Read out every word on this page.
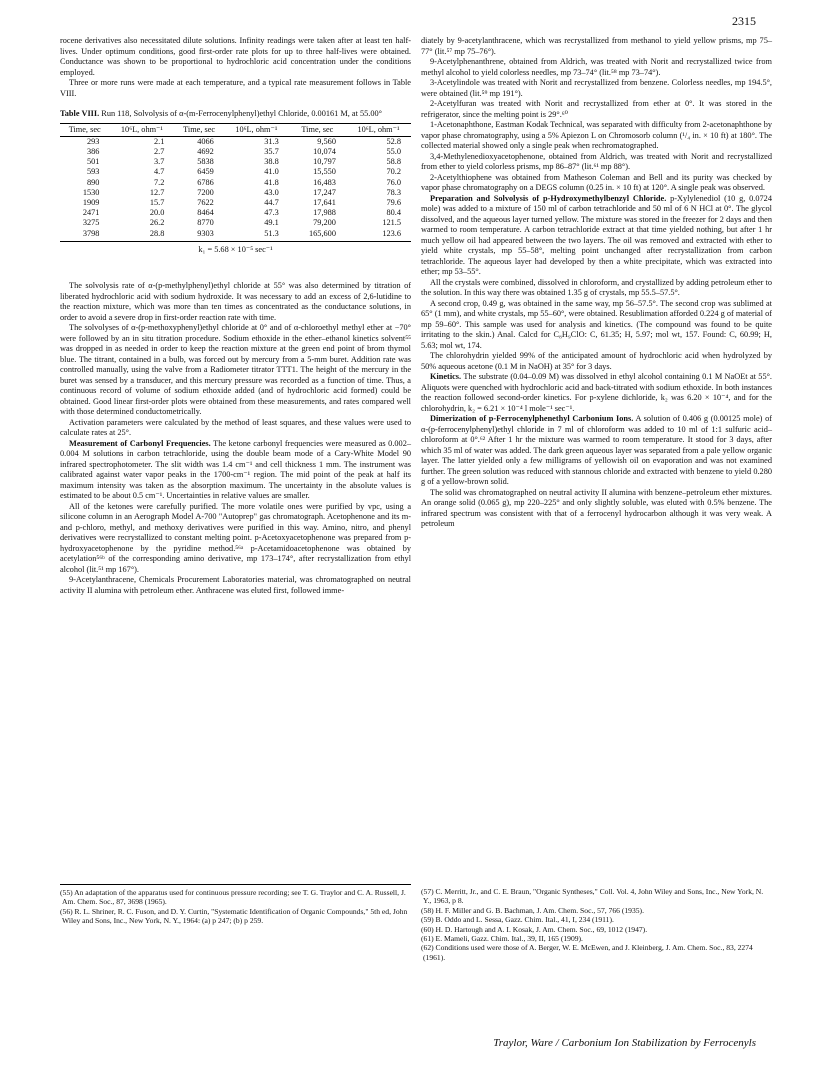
2315

rocene derivatives also necessitated dilute solutions. Infinity readings were taken after at least ten half-lives. Under optimum conditions, good first-order rate plots for up to three half-lives were obtained. Conductance was shown to be proportional to hydrochloric acid concentration under the conditions employed.

Three or more runs were made at each temperature, and a typical rate measurement follows in Table VIII.

Table VIII. Run 118, Solvolysis of α-(m-Ferrocenylphenyl)ethyl Chloride, 0.00161 M, at 55.00°
Time, sec	10⁶L, ohm⁻¹	Time, sec	10⁶L, ohm⁻¹	Time, sec	10⁶L, ohm⁻¹
293	2.1	4066	31.3	9,560	52.8
386	2.7	4692	35.7	10,074	55.0
501	3.7	5838	38.8	10,797	58.8
593	4.7	6459	41.0	15,550	70.2
890	7.2	6786	41.8	16,483	76.0
1530	12.7	7200	43.0	17,247	78.3
1909	15.7	7622	44.7	17,641	79.6
2471	20.0	8464	47.3	17,988	80.4
3275	26.2	8770	49.1	79,200	121.5
3798	28.8	9303	51.3	165,600	123.6
k₁ = 5.68 × 10⁻⁵ sec⁻¹

The solvolysis rate of α-(p-methylphenyl)ethyl chloride at 55° was also determined by titration of liberated hydrochloric acid with sodium hydroxide. It was necessary to add an excess of 2,6-lutidine to the reaction mixture, which was more than ten times as concentrated as the conductance solutions, in order to avoid a severe drop in first-order reaction rate with time.

The solvolyses of α-(p-methoxyphenyl)ethyl chloride at 0° and of α-chloroethyl methyl ether at −70° were followed by an in situ titration procedure. Sodium ethoxide in the ether–ethanol kinetics solvent⁵⁵ was dropped in as needed in order to keep the reaction mixture at the green end point of brom thymol blue. The titrant, contained in a bulb, was forced out by mercury from a 5-mm buret. Addition rate was controlled manually, using the valve from a Radiometer titrator TTT1. The height of the mercury in the buret was sensed by a transducer, and this mercury pressure was recorded as a function of time. Thus, a continuous record of volume of sodium ethoxide added (and of hydrochloric acid formed) could be obtained. Good linear first-order plots were obtained from these measurements, and rates compared well with those determined conductometrically.

Activation parameters were calculated by the method of least squares, and these values were used to calculate rates at 25°.

Measurement of Carbonyl Frequencies. The ketone carbonyl frequencies were measured as 0.002–0.004 M solutions in carbon tetrachloride, using the double beam mode of a Cary-White Model 90 infrared spectrophotometer. The slit width was 1.4 cm⁻¹ and cell thickness 1 mm. The instrument was calibrated against water vapor peaks in the 1700-cm⁻¹ region. The mid point of the peak at half its maximum intensity was taken as the absorption maximum. The uncertainty in the absolute values is estimated to be about 0.5 cm⁻¹. Uncertainties in relative values are smaller.

All of the ketones were carefully purified. The more volatile ones were purified by vpc, using a silicone column in an Aerograph Model A-700 "Autoprep" gas chromatograph. Acetophenone and its m- and p-chloro, methyl, and methoxy derivatives were purified in this way. Amino, nitro, and phenyl derivatives were recrystallized to constant melting point. p-Acetoxyacetophenone was prepared from p-hydroxyacetophenone by the pyridine method.⁵⁶ᵃ p-Acetamidoacetophenone was obtained by acetylation⁵⁶ᵇ of the corresponding amino derivative, mp 173–174°, after recrystallization from ethyl alcohol (lit.⁵¹ mp 167°).

9-Acetylanthracene, Chemicals Procurement Laboratories material, was chromatographed on neutral activity II alumina with petroleum ether. Anthracene was eluted first, followed imme-

diately by 9-acetylanthracene, which was recrystallized from methanol to yield yellow prisms, mp 75–77° (lit.⁵⁷ mp 75–76°).

9-Acetylphenanthrene, obtained from Aldrich, was treated with Norit and recrystallized twice from methyl alcohol to yield colorless needles, mp 73–74° (lit.⁵⁸ mp 73–74°).

3-Acetylindole was treated with Norit and recrystallized from benzene. Colorless needles, mp 194.5°, were obtained (lit.⁵⁹ mp 191°).

2-Acetylfuran was treated with Norit and recrystallized from ether at 0°. It was stored in the refrigerator, since the melting point is 29°.⁶⁰

1-Acetonaphthone, Eastman Kodak Technical, was separated with difficulty from 2-acetonaphthone by vapor phase chromatography, using a 5% Apiezon L on Chromosorb column (¹/₄ in. × 10 ft) at 180°. The collected material showed only a single peak when rechromatographed.

3,4-Methylenedioxyacetophenone, obtained from Aldrich, was treated with Norit and recrystallized from ether to yield colorless prisms, mp 86–87° (lit.⁶¹ mp 88°).

2-Acetylthiophene was obtained from Matheson Coleman and Bell and its purity was checked by vapor phase chromatography on a DEGS column (0.25 in. × 10 ft) at 120°. A single peak was observed.

Preparation and Solvolysis of p-Hydroxymethylbenzyl Chloride. p-Xylylenediol (10 g, 0.0724 mole) was added to a mixture of 150 ml of carbon tetrachloride and 50 ml of 6 N HCl at 0°. The glycol dissolved, and the aqueous layer turned yellow. The mixture was stored in the freezer for 2 days and then warmed to room temperature. A carbon tetrachloride extract at that time yielded nothing, but after 1 hr much yellow oil had appeared between the two layers. The oil was removed and extracted with ether to yield white crystals, mp 55–58°, melting point unchanged after recrystallization from carbon tetrachloride. The aqueous layer had developed by then a white precipitate, which was extracted into ether; mp 53–55°.

All the crystals were combined, dissolved in chloroform, and crystallized by adding petroleum ether to the solution. In this way there was obtained 1.35 g of crystals, mp 55.5–57.5°.

A second crop, 0.49 g, was obtained in the same way, mp 56–57.5°. The second crop was sublimed at 65° (1 mm), and white crystals, mp 55–60°, were obtained. Resublimation afforded 0.224 g of material of mp 59–60°. This sample was used for analysis and kinetics. (The compound was found to be quite irritating to the skin.) Anal. Calcd for C₈H₉ClO: C, 61.35; H, 5.97; mol wt, 157. Found: C, 60.99; H, 5.63; mol wt, 174.

The chlorohydrin yielded 99% of the anticipated amount of hydrochloric acid when hydrolyzed by 50% aqueous acetone (0.1 M in NaOH) at 35° for 3 days.

Kinetics. The substrate (0.04–0.09 M) was dissolved in ethyl alcohol containing 0.1 M NaOEt at 55°. Aliquots were quenched with hydrochloric acid and back-titrated with sodium ethoxide. In both instances the reaction followed second-order kinetics. For p-xylene dichloride, k₂ was 6.20 × 10⁻⁴, and for the chlorohydrin, k₂ = 6.21 × 10⁻⁴ l mole⁻¹ sec⁻¹.

Dimerization of p-Ferrocenylphenethyl Carbonium Ions. A solution of 0.406 g (0.00125 mole) of α-(p-ferrocenylphenyl)ethyl chloride in 7 ml of chloroform was added to 10 ml of 1:1 sulfuric acid–chloroform at 0°.⁶² After 1 hr the mixture was warmed to room temperature. It stood for 3 days, after which 35 ml of water was added. The dark green aqueous layer was separated from a pale yellow organic layer. The latter yielded only a few milligrams of yellowish oil on evaporation and was not examined further. The green solution was reduced with stannous chloride and extracted with benzene to yield 0.280 g of a yellow-brown solid.

The solid was chromatographed on neutral activity II alumina with benzene–petroleum ether mixtures. An orange solid (0.065 g), mp 220–225° and only slightly soluble, was eluted with 0.5% benzene. The infrared spectrum was consistent with that of a ferrocenyl hydrocarbon although it was very weak. A petroleum

(55) An adaptation of the apparatus used for continuous pressure recording; see T. G. Traylor and C. A. Russell, J. Am. Chem. Soc., 87, 3698 (1965).
(56) R. L. Shriner, R. C. Fuson, and D. Y. Curtin, "Systematic Identification of Organic Compounds," 5th ed, John Wiley and Sons, Inc., New York, N. Y., 1964: (a) p 247; (b) p 259.
(57) C. Merritt, Jr., and C. E. Braun, "Organic Syntheses," Coll. Vol. 4, John Wiley and Sons, Inc., New York, N. Y., 1963, p 8.
(58) H. F. Miller and G. B. Bachman, J. Am. Chem. Soc., 57, 766 (1935).
(59) B. Oddo and L. Sessa, Gazz. Chim. Ital., 41, I, 234 (1911).
(60) H. D. Hartough and A. I. Kosak, J. Am. Chem. Soc., 69, 1012 (1947).
(61) E. Mameli, Gazz. Chim. Ital., 39, II, 165 (1909).
(62) Conditions used were those of A. Berger, W. E. McEwen, and J. Kleinberg, J. Am. Chem. Soc., 83, 2274 (1961).
Traylor, Ware / Carbonium Ion Stabilization by Ferrocenyls
